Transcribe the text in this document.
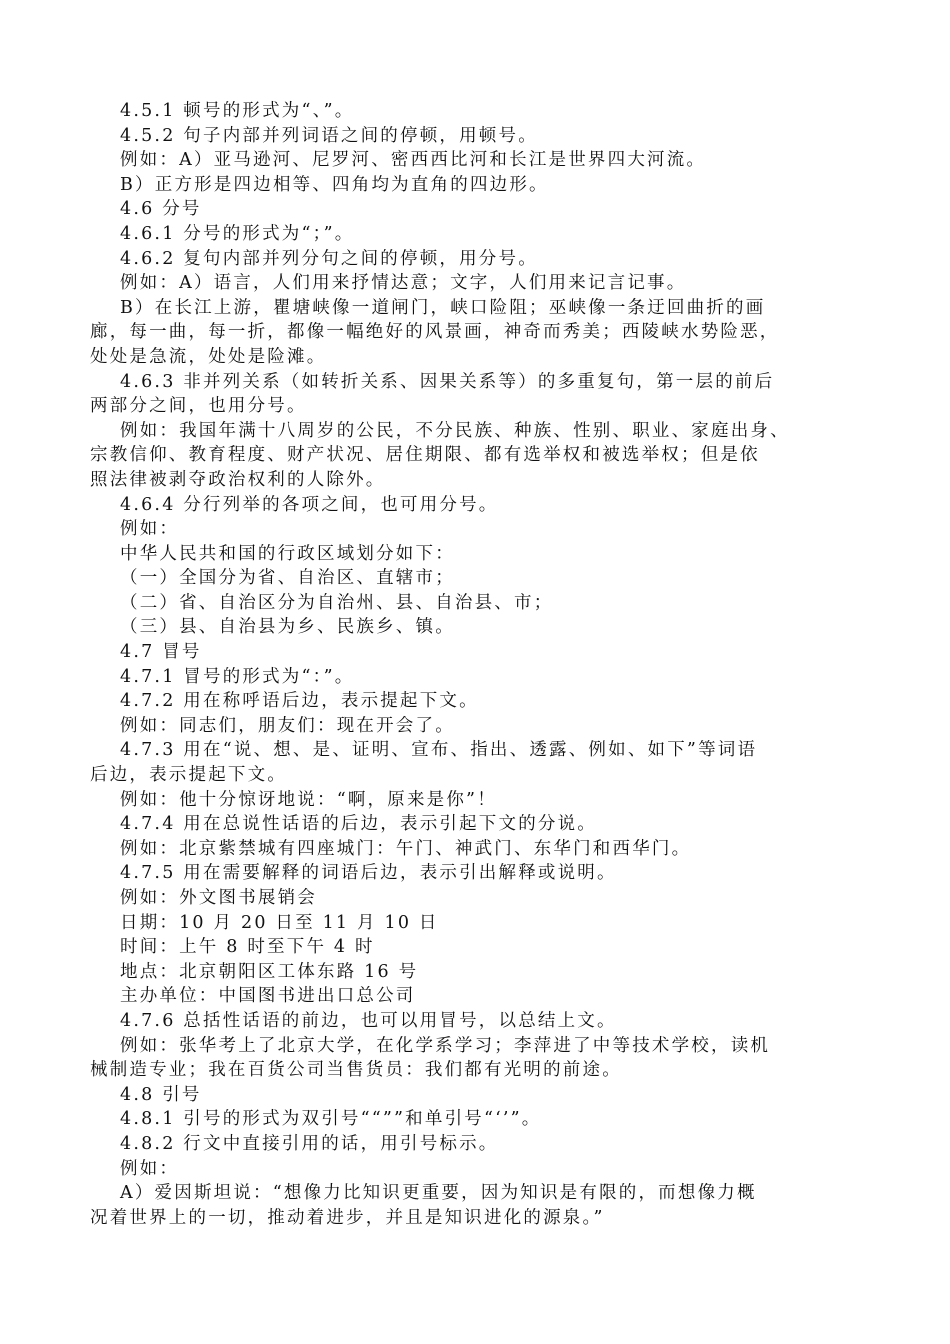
4.5.1 顿号的形式为“、”。
4.5.2 句子内部并列词语之间的停顿，用顿号。
例如：A）亚马逊河、尼罗河、密西西比河和长江是世界四大河流。
B）正方形是四边相等、四角均为直角的四边形。
4.6 分号
4.6.1 分号的形式为“；”。
4.6.2 复句内部并列分句之间的停顿，用分号。
例如：A）语言，人们用来抒情达意；文字，人们用来记言记事。
B）在长江上游，瞿塘峡像一道闸门，峡口险阻；巫峡像一条迂回曲折的画
廊，每一曲，每一折，都像一幅绝好的风景画，神奇而秀美；西陵峡水势险恶，
处处是急流，处处是险滩。
4.6.3 非并列关系（如转折关系、因果关系等）的多重复句，第一层的前后
两部分之间，也用分号。
例如：我国年满十八周岁的公民，不分民族、种族、性别、职业、家庭出身、
宗教信仰、教育程度、财产状况、居住期限、都有选举权和被选举权；但是依
照法律被剥夺政治权利的人除外。
4.6.4 分行列举的各项之间，也可用分号。
例如：
中华人民共和国的行政区域划分如下：
（一）全国分为省、自治区、直辖市；
（二）省、自治区分为自治州、县、自治县、市；
（三）县、自治县为乡、民族乡、镇。
4.7 冒号
4.7.1 冒号的形式为“：”。
4.7.2 用在称呼语后边，表示提起下文。
例如：同志们，朋友们：现在开会了。
4.7.3 用在“说、想、是、证明、宣布、指出、透露、例如、如下”等词语
后边，表示提起下文。
例如：他十分惊讶地说：“啊，原来是你”！
4.7.4 用在总说性话语的后边，表示引起下文的分说。
例如：北京紫禁城有四座城门：午门、神武门、东华门和西华门。
4.7.5 用在需要解释的词语后边，表示引出解释或说明。
例如：外文图书展销会
日期：10 月 20 日至 11 月 10 日
时间：上午 8 时至下午 4 时
地点：北京朝阳区工体东路 16 号
主办单位：中国图书进出口总公司
4.7.6 总括性话语的前边，也可以用冒号，以总结上文。
例如：张华考上了北京大学，在化学系学习；李萍进了中等技术学校，读机
械制造专业；我在百货公司当售货员：我们都有光明的前途。
4.8 引号
4.8.1 引号的形式为双引号““””和单引号“‘’”。
4.8.2 行文中直接引用的话，用引号标示。
例如：
A）爱因斯坦说：“想像力比知识更重要，因为知识是有限的，而想像力概
况着世界上的一切，推动着进步，并且是知识进化的源泉。”
